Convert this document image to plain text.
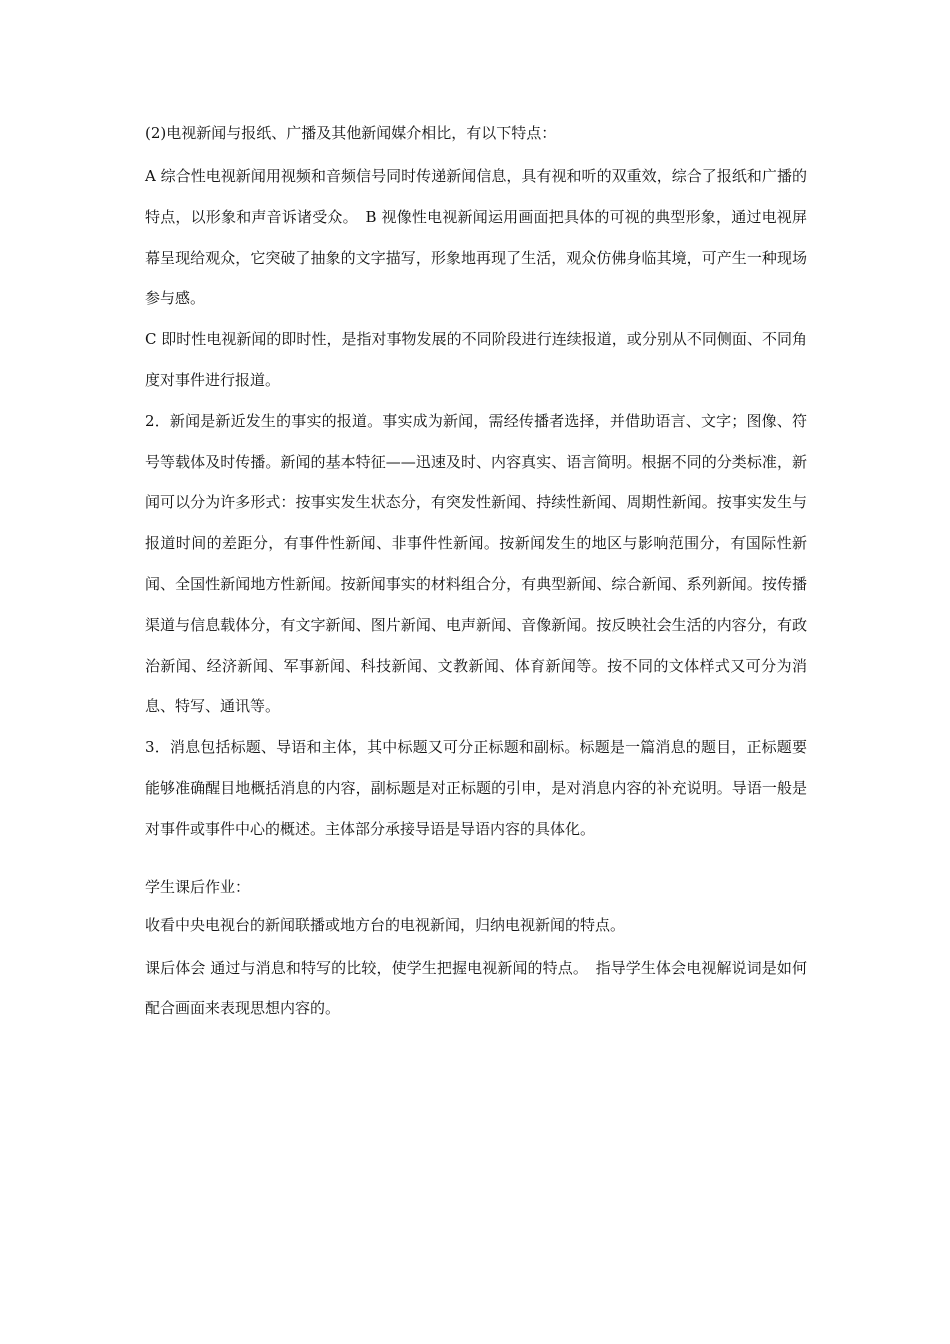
(2)电视新闻与报纸、广播及其他新闻媒介相比，有以下特点：

A 综合性电视新闻用视频和音频信号同时传递新闻信息，具有视和听的双重效，综合了报纸和广播的特点，以形象和声音诉诸受众。　B 视像性电视新闻运用画面把具体的可视的典型形象，通过电视屏幕呈现给观众，它突破了抽象的文字描写，形象地再现了生活，观众仿佛身临其境，可产生一种现场参与感。

C 即时性电视新闻的即时性，是指对事物发展的不同阶段进行连续报道，或分别从不同侧面、不同角度对事件进行报道。

2．新闻是新近发生的事实的报道。事实成为新闻，需经传播者选择，并借助语言、文字；图像、符号等载体及时传播。新闻的基本特征——迅速及时、内容真实、语言简明。根据不同的分类标准，新闻可以分为许多形式：按事实发生状态分，有突发性新闻、持续性新闻、周期性新闻。按事实发生与报道时间的差距分，有事件性新闻、非事件性新闻。按新闻发生的地区与影响范围分，有国际性新闻、全国性新闻地方性新闻。按新闻事实的材料组合分，有典型新闻、综合新闻、系列新闻。按传播渠道与信息载体分，有文字新闻、图片新闻、电声新闻、音像新闻。按反映社会生活的内容分，有政治新闻、经济新闻、军事新闻、科技新闻、文教新闻、体育新闻等。按不同的文体样式又可分为消息、特写、通讯等。

3．消息包括标题、导语和主体，其中标题又可分正标题和副标。标题是一篇消息的题目，正标题要能够准确醒目地概括消息的内容，副标题是对正标题的引申，是对消息内容的补充说明。导语一般是对事件或事件中心的概述。主体部分承接导语是导语内容的具体化。

学生课后作业：

收看中央电视台的新闻联播或地方台的电视新闻，归纳电视新闻的特点。

课后体会 通过与消息和特写的比较，使学生把握电视新闻的特点。　指导学生体会电视解说词是如何配合画面来表现思想内容的。
